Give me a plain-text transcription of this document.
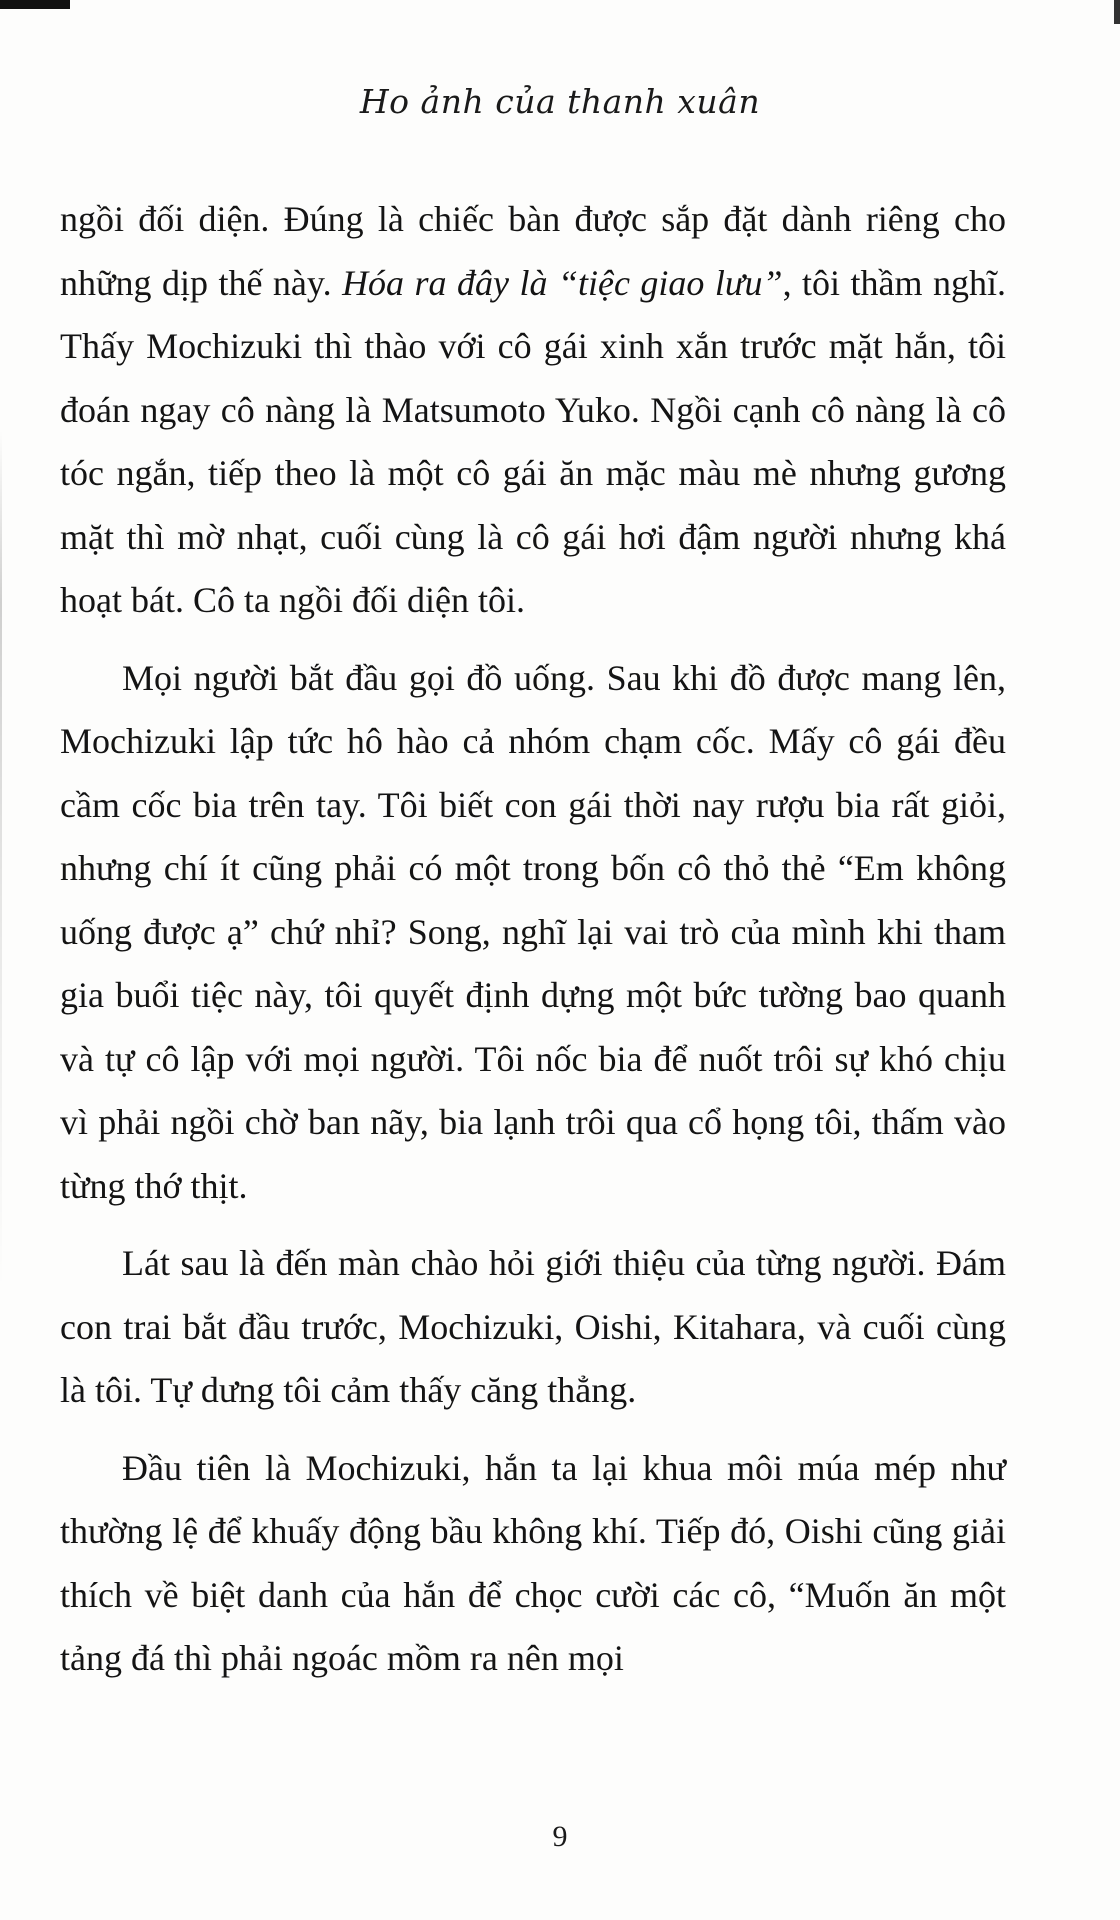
Ho ảnh của thanh xuân

ngồi đối diện. Đúng là chiếc bàn được sắp đặt dành riêng cho những dịp thế này. Hóa ra đây là “tiệc giao lưu”, tôi thầm nghĩ. Thấy Mochizuki thì thào với cô gái xinh xắn trước mặt hắn, tôi đoán ngay cô nàng là Matsumoto Yuko. Ngồi cạnh cô nàng là cô tóc ngắn, tiếp theo là một cô gái ăn mặc màu mè nhưng gương mặt thì mờ nhạt, cuối cùng là cô gái hơi đậm người nhưng khá hoạt bát. Cô ta ngồi đối diện tôi.

Mọi người bắt đầu gọi đồ uống. Sau khi đồ được mang lên, Mochizuki lập tức hô hào cả nhóm chạm cốc. Mấy cô gái đều cầm cốc bia trên tay. Tôi biết con gái thời nay rượu bia rất giỏi, nhưng chí ít cũng phải có một trong bốn cô thỏ thẻ “Em không uống được ạ” chứ nhỉ? Song, nghĩ lại vai trò của mình khi tham gia buổi tiệc này, tôi quyết định dựng một bức tường bao quanh và tự cô lập với mọi người. Tôi nốc bia để nuốt trôi sự khó chịu vì phải ngồi chờ ban nãy, bia lạnh trôi qua cổ họng tôi, thấm vào từng thớ thịt.

Lát sau là đến màn chào hỏi giới thiệu của từng người. Đám con trai bắt đầu trước, Mochizuki, Oishi, Kitahara, và cuối cùng là tôi. Tự dưng tôi cảm thấy căng thẳng.

Đầu tiên là Mochizuki, hắn ta lại khua môi múa mép như thường lệ để khuấy động bầu không khí. Tiếp đó, Oishi cũng giải thích về biệt danh của hắn để chọc cười các cô, “Muốn ăn một tảng đá thì phải ngoác mồm ra nên mọi

9
